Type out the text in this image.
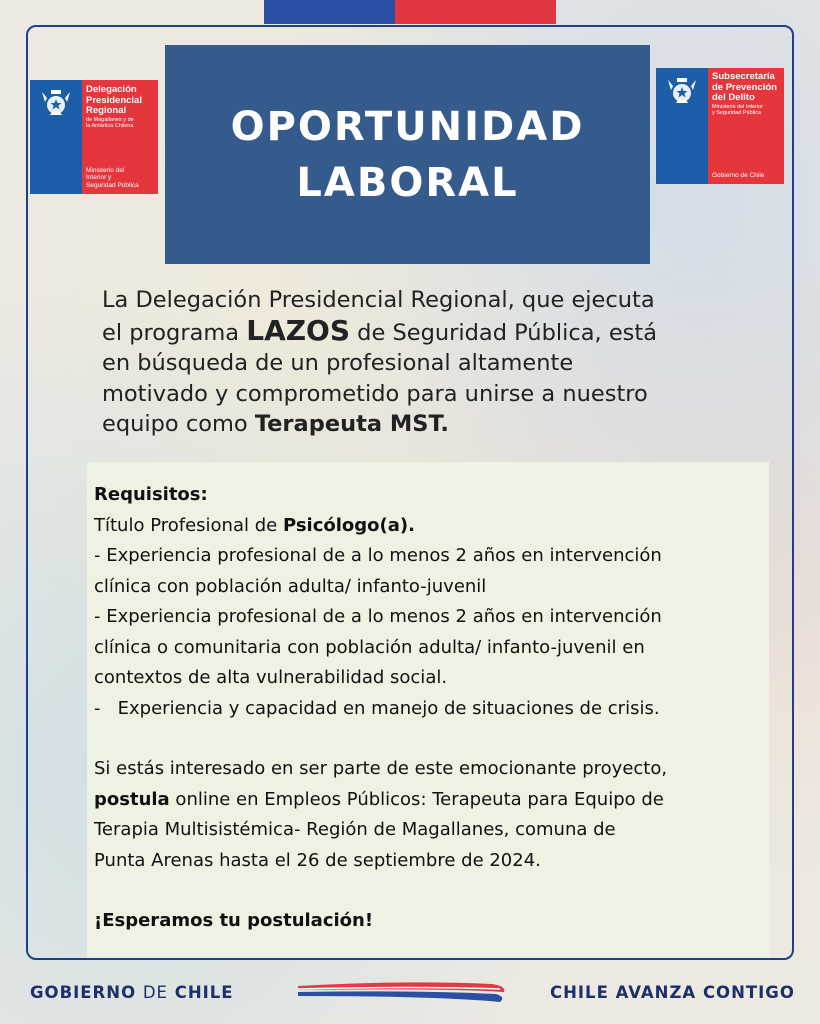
Delegación
Presidencial
Regional
de Magallanes y de
la Antártica Chilena
Ministerio del
Interior y
Seguridad Pública
OPORTUNIDAD
LABORAL
Subsecretaría
de Prevención
del Delito
Ministerio del Interior
y Seguridad Pública
Gobierno de Chile
La Delegación Presidencial Regional, que ejecuta
el programa LAZOS de Seguridad Pública, está
en búsqueda de un profesional altamente
motivado y comprometido para unirse a nuestro
equipo como Terapeuta MST.
Requisitos:
Título Profesional de Psicólogo(a).
- Experiencia profesional de a lo menos 2 años en intervención
clínica con población adulta/ infanto-juvenil
- Experiencia profesional de a lo menos 2 años en intervención
clínica o comunitaria con población adulta/ infanto-juvenil en
contextos de alta vulnerabilidad social.
-   Experiencia y capacidad en manejo de situaciones de crisis.
Si estás interesado en ser parte de este emocionante proyecto,
postula online en Empleos Públicos: Terapeuta para Equipo de
Terapia Multisistémica- Región de Magallanes, comuna de
Punta Arenas hasta el 26 de septiembre de 2024.
¡Esperamos tu postulación!
GOBIERNO DE CHILE	CHILE AVANZA CONTIGO
